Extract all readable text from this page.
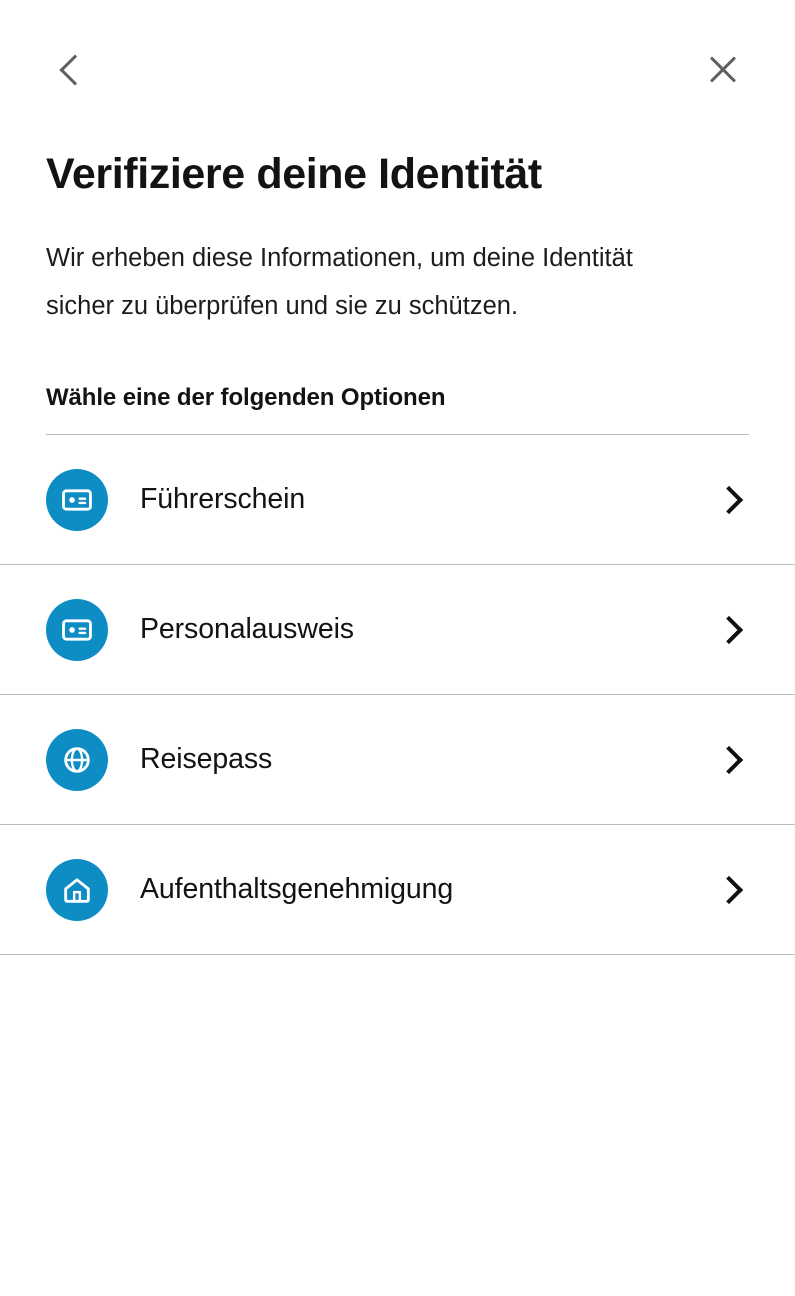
Verifiziere deine Identität

Wir erheben diese Informationen, um deine Identität sicher zu überprüfen und sie zu schützen.

Wähle eine der folgenden Optionen
Führerschein
Personalausweis
Reisepass
Aufenthaltsgenehmigung
